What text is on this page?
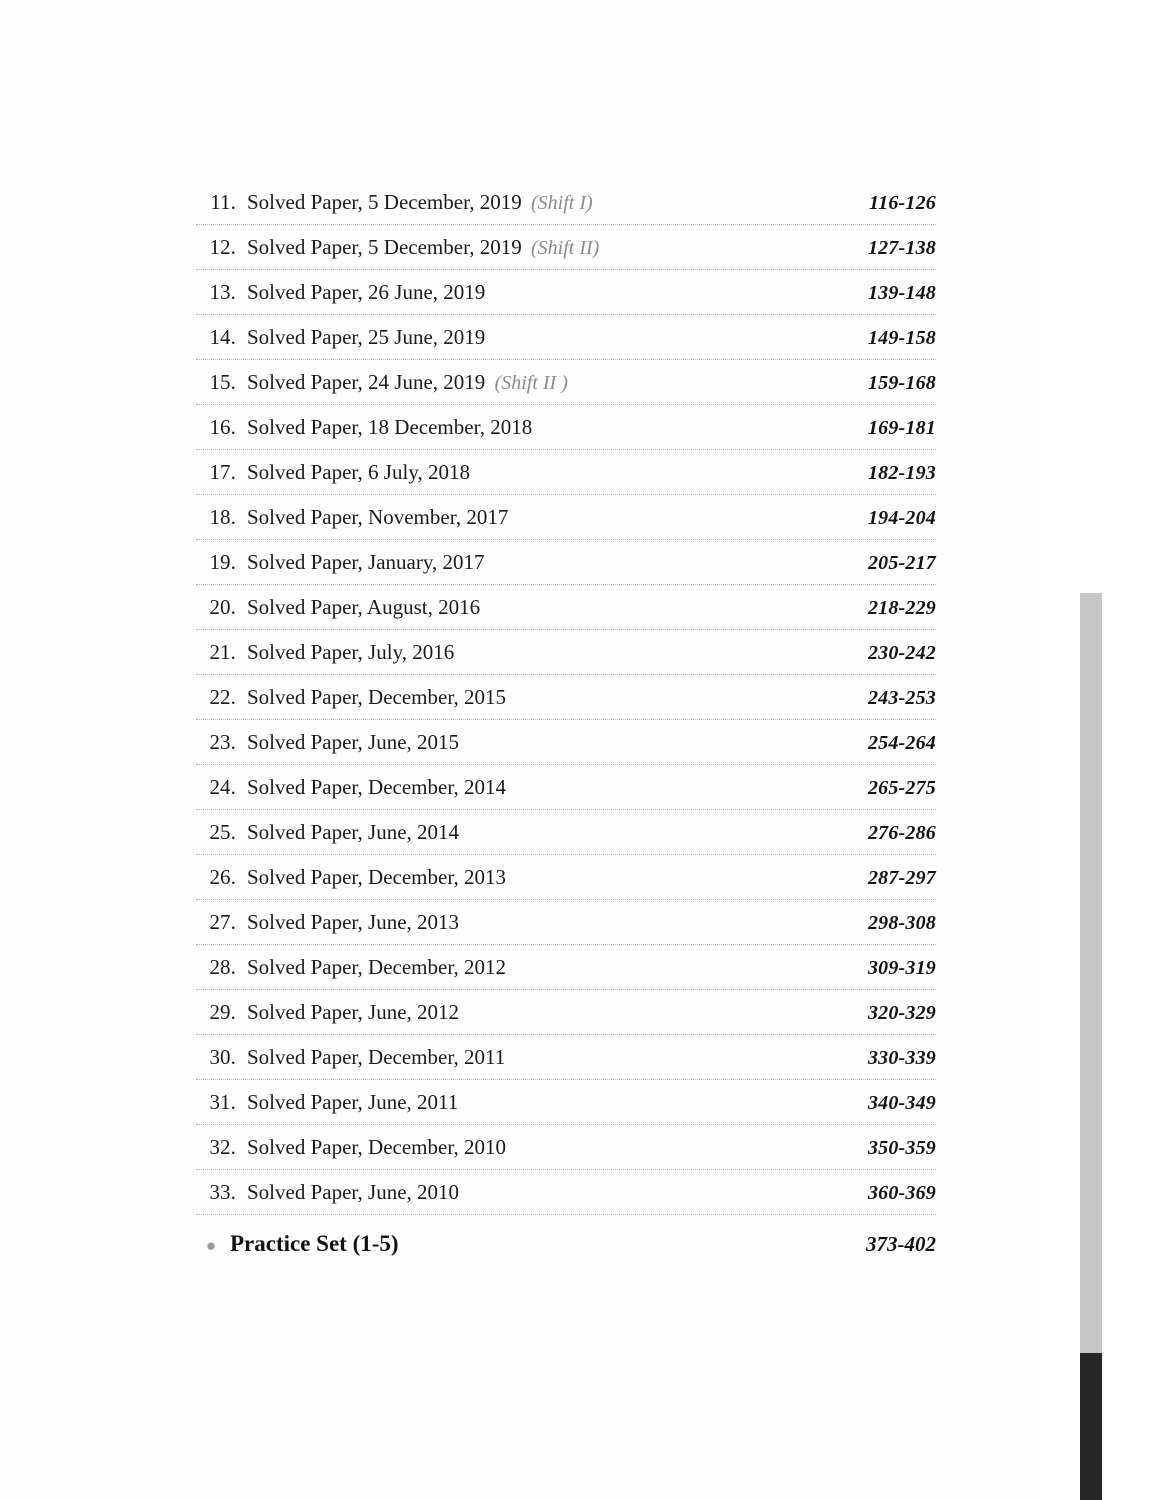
11. Solved Paper, 5 December, 2019 (Shift I)	116-126
12. Solved Paper, 5 December, 2019 (Shift II)	127-138
13. Solved Paper, 26 June, 2019	139-148
14. Solved Paper, 25 June, 2019	149-158
15. Solved Paper, 24 June, 2019 (Shift II )	159-168
16. Solved Paper, 18 December, 2018	169-181
17. Solved Paper, 6 July, 2018	182-193
18. Solved Paper, November, 2017	194-204
19. Solved Paper, January, 2017	205-217
20. Solved Paper, August, 2016	218-229
21. Solved Paper, July, 2016	230-242
22. Solved Paper, December, 2015	243-253
23. Solved Paper, June, 2015	254-264
24. Solved Paper, December, 2014	265-275
25. Solved Paper, June, 2014	276-286
26. Solved Paper, December, 2013	287-297
27. Solved Paper, June, 2013	298-308
28. Solved Paper, December, 2012	309-319
29. Solved Paper, June, 2012	320-329
30. Solved Paper, December, 2011	330-339
31. Solved Paper, June, 2011	340-349
32. Solved Paper, December, 2010	350-359
33. Solved Paper, June, 2010	360-369
● Practice Set (1-5)	373-402
